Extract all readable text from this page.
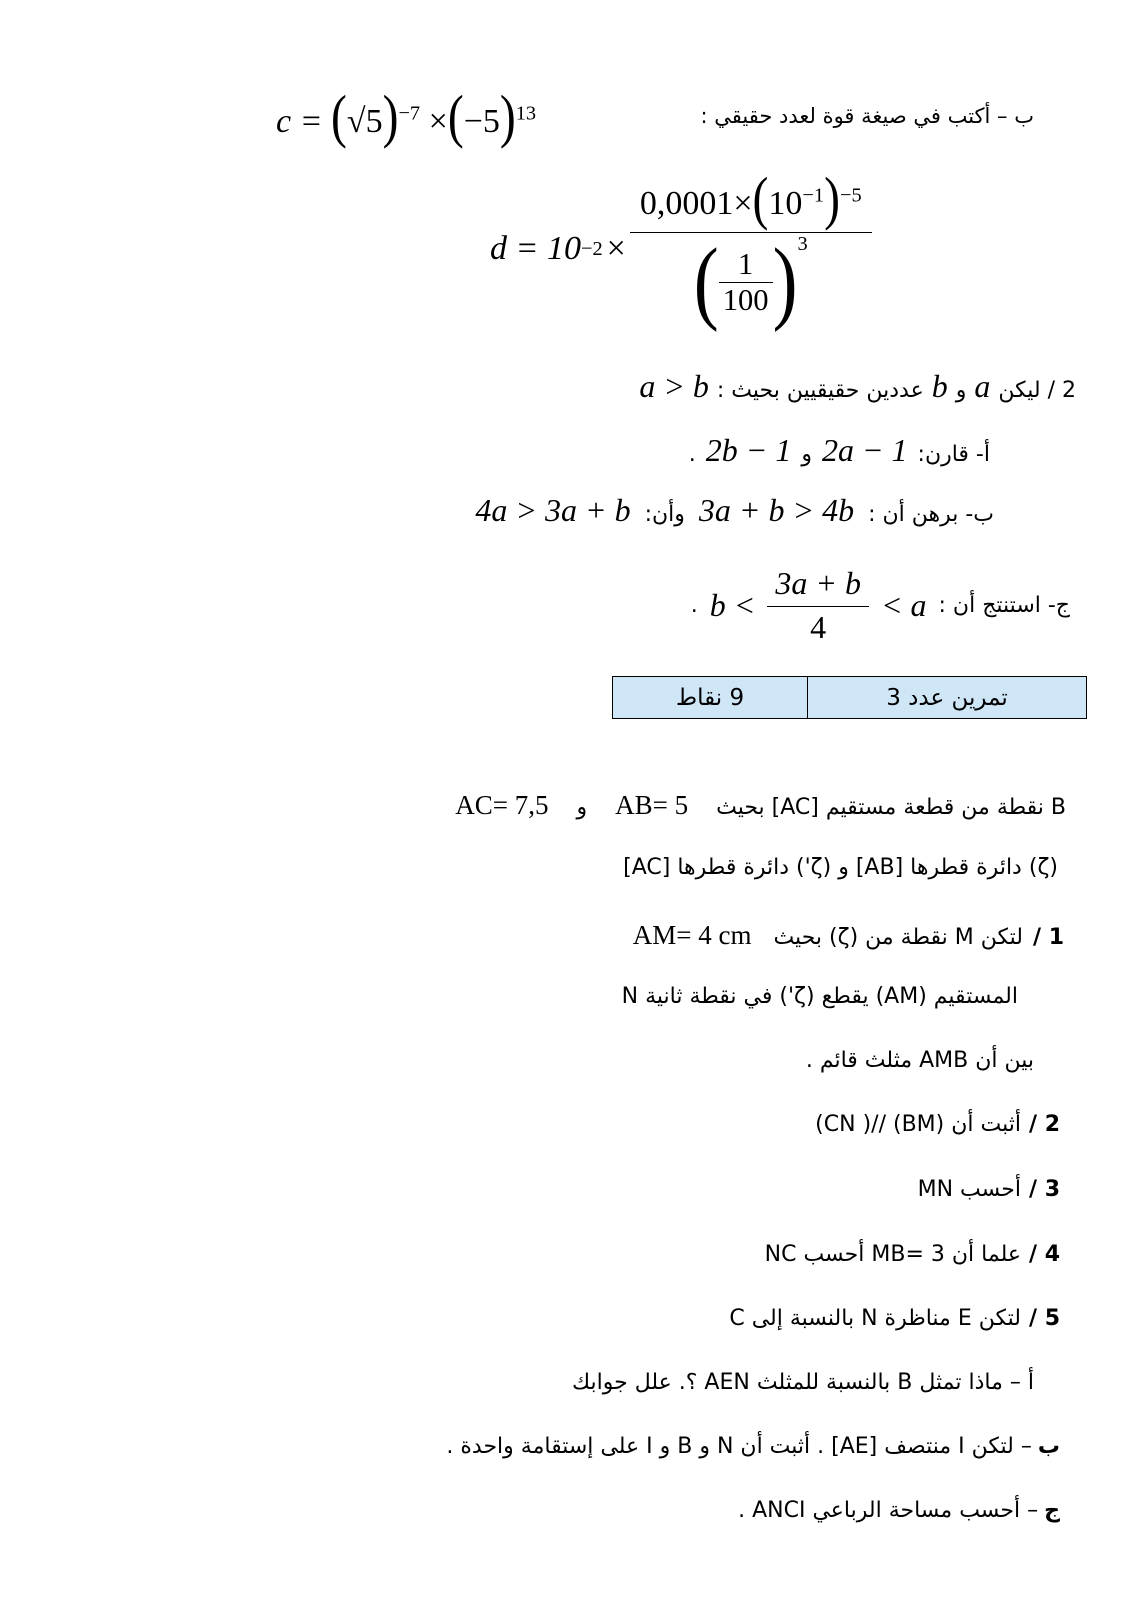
ب – أكتب في صيغة قوة لعدد حقيقي :
$c = (√5)^{-7} \times(-5)^{13}$
$d = 10 -2 \times \frac{0,0001\times(10^{-1})^{-5}}{( \frac{1}{100} )^3}$
2 / ليكن
a
و
b
عددين حقيقيين بحيث :
a > b
أ- قارن:
2a − 1
و
2b − 1
.
ب- برهن أن :
3a + b > 4b
وأن:
4a > 3a + b
ج- استنتج أن :
< a
$\frac{3a + b}{4}$
b <
.
9 نقاط	تمرين عدد 3
B نقطة من قطعة مستقيم [AC] بحيث
AB= 5
و
AC= 7,5
(ζ) دائرة قطرها [AB] و (ζ') دائرة قطرها [AC]
1 /
لتكن M نقطة من (ζ) بحيث
AM= 4 cm
المستقيم (AM) يقطع (ζ') في نقطة ثانية N
بين أن AMB مثلث قائم .
2 /
أثبت أن (BM) //( CN)
3 /
أحسب MN
4 /
علما أن MB= 3 أحسب NC
5 /
لتكن E مناظرة N بالنسبة إلى C
أ – ماذا تمثل B بالنسبة للمثلث AEN ؟. علل جوابك
ب
– لتكن I منتصف [AE] . أثبت أن N و B و I على إستقامة واحدة .
ج
– أحسب مساحة الرباعي ANCI .
